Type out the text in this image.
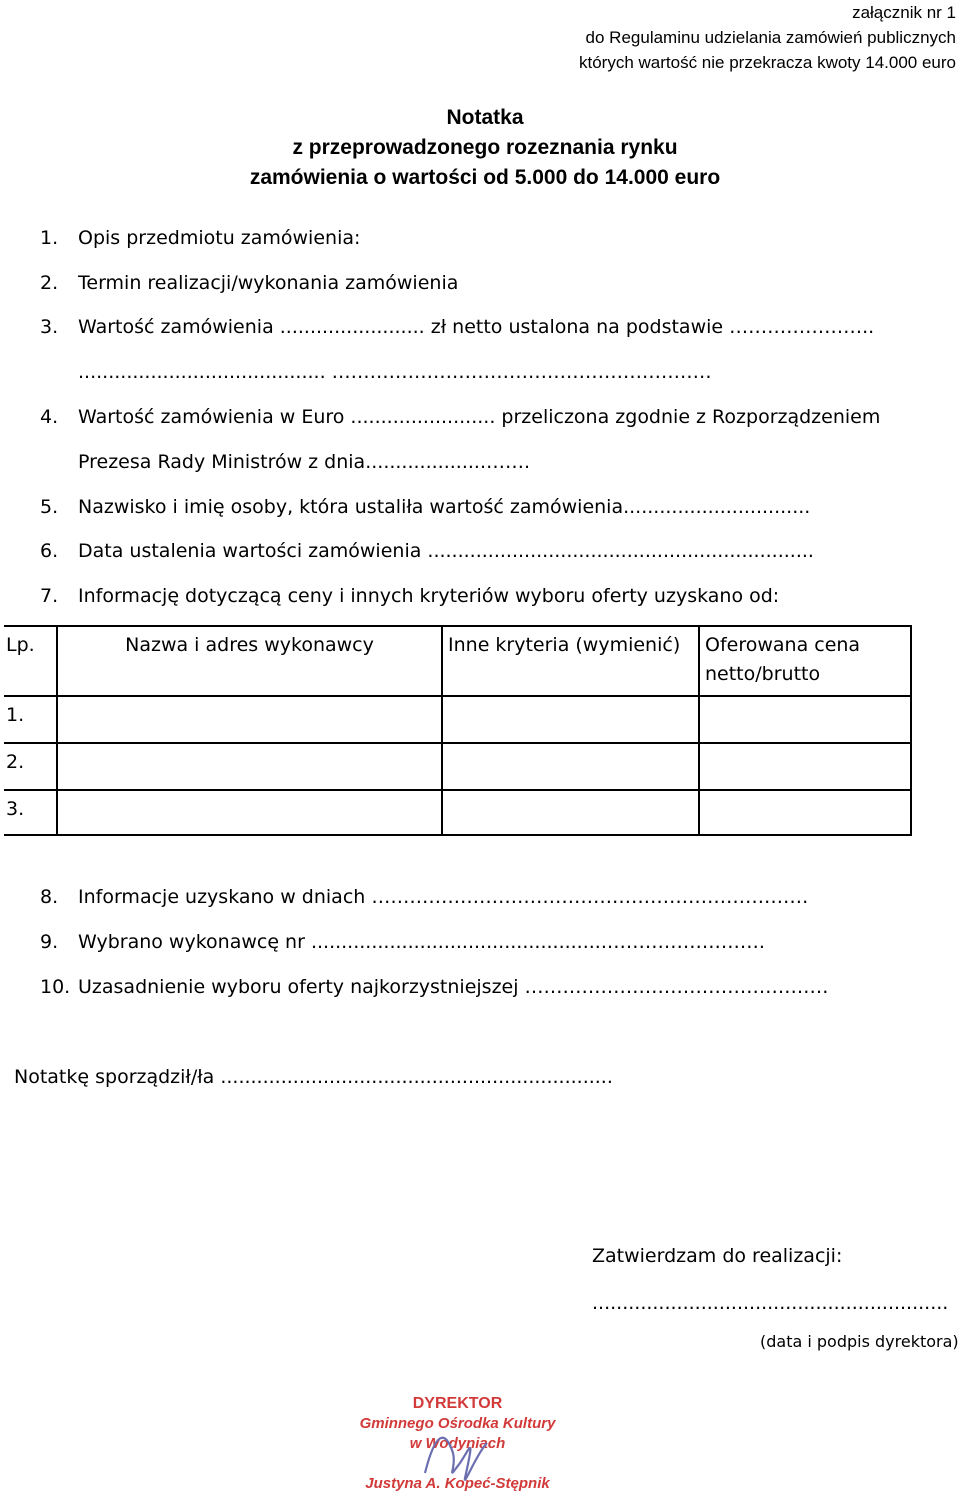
załącznik nr 1
do Regulaminu udzielania zamówień publicznych
których wartość nie przekracza kwoty 14.000 euro
Notatka
z przeprowadzonego rozeznania rynku
zamówienia o wartości od 5.000 do 14.000 euro
1. Opis przedmiotu zamówienia:
2. Termin realizacji/wykonania zamówienia
3. Wartość zamówienia ........................ zł netto ustalona na podstawie …………………..
......................................... ……………………………………………………
4. Wartość zamówienia w Euro ........................ przeliczona zgodnie z Rozporządzeniem
Prezesa Rady Ministrów z dnia....................…….
5. Nazwisko i imię osoby, która ustaliła wartość zamówienia...............................
6. Data ustalenia wartości zamówienia ................................................................
7. Informację dotyczącą ceny i innych kryteriów wyboru oferty uzyskano od:
Lp.	Nazwa i adres wykonawcy	Inne kryteria (wymienić)	Oferowana cena netto/brutto
1.			
2.			
3.			
8. Informacje uzyskano w dniach ……………………………………………………………
9. Wybrano wykonawcę nr .................................................…………………….
10. Uzasadnienie wyboru oferty najkorzystniejszej …………………………………………
Notatkę sporządził/ła .................................................................
Zatwierdzam do realizacji:
...........................................................
(data i podpis dyrektora)
DYREKTOR
Gminnego Ośrodka Kultury
w Wodyniach
Justyna A. Kopeć-Stępnik
